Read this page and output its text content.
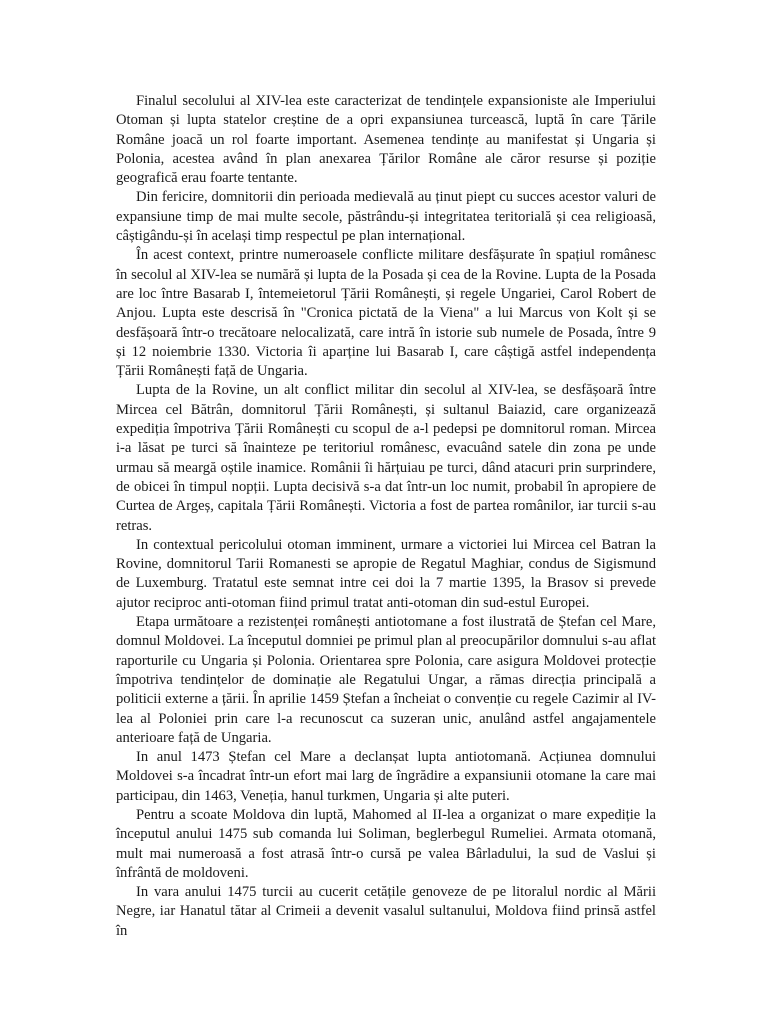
Finalul secolului al XIV-lea este caracterizat de tendințele expansioniste ale Imperiului Otoman și lupta statelor creștine de a opri expansiunea turcească, luptă în care Țările Române joacă un rol foarte important. Asemenea tendințe au manifestat și Ungaria și Polonia, acestea având în plan anexarea Țărilor Române ale căror resurse și poziție geografică erau foarte tentante.

Din fericire, domnitorii din perioada medievală au ținut piept cu succes acestor valuri de expansiune timp de mai multe secole, păstrându-și integritatea teritorială și cea religioasă, câștigându-și în același timp respectul pe plan internațional.

În acest context, printre numeroasele conflicte militare desfășurate în spațiul românesc în secolul al XIV-lea se numără și lupta de la Posada și cea de la Rovine. Lupta de la Posada are loc între Basarab I, întemeietorul Țării Românești, și regele Ungariei, Carol Robert de Anjou. Lupta este descrisă în "Cronica pictată de la Viena" a lui Marcus von Kolt și se desfășoară într-o trecătoare nelocalizată, care intră în istorie sub numele de Posada, între 9 și 12 noiembrie 1330. Victoria îi aparține lui Basarab I, care câștigă astfel independența Țării Românești față de Ungaria.

Lupta de la Rovine, un alt conflict militar din secolul al XIV-lea, se desfășoară între Mircea cel Bătrân, domnitorul Țării Românești, și sultanul Baiazid, care organizează expediția împotriva Țării Românești cu scopul de a-l pedepsi pe domnitorul roman. Mircea i-a lăsat pe turci să înainteze pe teritoriul românesc, evacuând satele din zona pe unde urmau să meargă oștile inamice. Românii îi hărțuiau pe turci, dând atacuri prin surprindere, de obicei în timpul nopții. Lupta decisivă s-a dat într-un loc numit, probabil în apropiere de Curtea de Argeș, capitala Țării Românești. Victoria a fost de partea românilor, iar turcii s-au retras.

In contextual pericolului otoman imminent, urmare a victoriei lui Mircea cel Batran la Rovine, domnitorul Tarii Romanesti se apropie de Regatul Maghiar, condus de Sigismund de Luxemburg. Tratatul este semnat intre cei doi la 7 martie 1395, la Brasov si prevede ajutor reciproc anti-otoman fiind primul tratat anti-otoman din sud-estul Europei.

Etapa următoare a rezistenței românești antiotomane a fost ilustrată de Ștefan cel Mare, domnul Moldovei. La începutul domniei pe primul plan al preocupărilor domnului s-au aflat raporturile cu Ungaria și Polonia. Orientarea spre Polonia, care asigura Moldovei protecție împotriva tendințelor de dominație ale Regatului Ungar, a rămas direcția principală a politicii externe a țării. În aprilie 1459 Ștefan a încheiat o convenție cu regele Cazimir al IV-lea al Poloniei prin care l-a recunoscut ca suzeran unic, anulând astfel angajamentele anterioare față de Ungaria.

In anul 1473 Ștefan cel Mare a declanșat lupta antiotomană. Acțiunea domnului Moldovei s-a încadrat într-un efort mai larg de îngrădire a expansiunii otomane la care mai participau, din 1463, Veneția, hanul turkmen, Ungaria și alte puteri.

Pentru a scoate Moldova din luptă, Mahomed al II-lea a organizat o mare expediție la începutul anului 1475 sub comanda lui Soliman, beglerbegul Rumeliei. Armata otomană, mult mai numeroasă a fost atrasă într-o cursă pe valea Bârladului, la sud de Vaslui și înfrântă de moldoveni.

In vara anului 1475 turcii au cucerit cetățile genoveze de pe litoralul nordic al Mării Negre, iar Hanatul tătar al Crimeii a devenit vasalul sultanului, Moldova fiind prinsă astfel în
